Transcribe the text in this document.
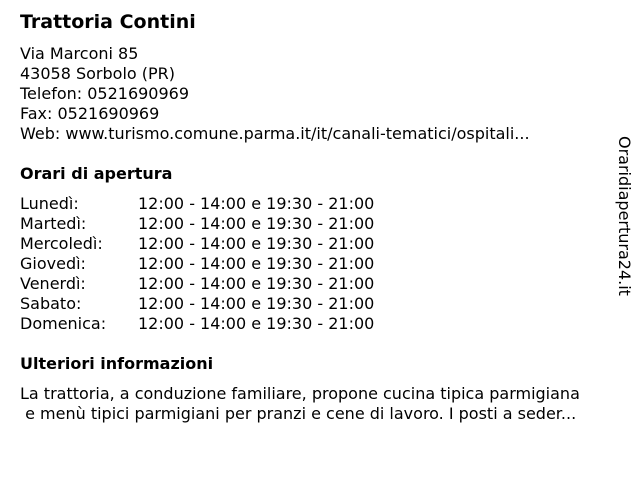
Trattoria Contini
Via Marconi 85
43058 Sorbolo (PR)
Telefon: 0521690969
Fax: 0521690969
Web: www.turismo.comune.parma.it/it/canali-tematici/ospitali...
Orari di apertura
Lunedì:	12:00 - 14:00 e 19:30 - 21:00
Martedì:	12:00 - 14:00 e 19:30 - 21:00
Mercoledì:	12:00 - 14:00 e 19:30 - 21:00
Giovedì:	12:00 - 14:00 e 19:30 - 21:00
Venerdì:	12:00 - 14:00 e 19:30 - 21:00
Sabato:	12:00 - 14:00 e 19:30 - 21:00
Domenica:	12:00 - 14:00 e 19:30 - 21:00
Ulteriori informazioni
La trattoria, a conduzione familiare, propone cucina tipica parmigiana
e menù tipici parmigiani per pranzi e cene di lavoro. I posti a seder...
Oraridiapertura24.it
